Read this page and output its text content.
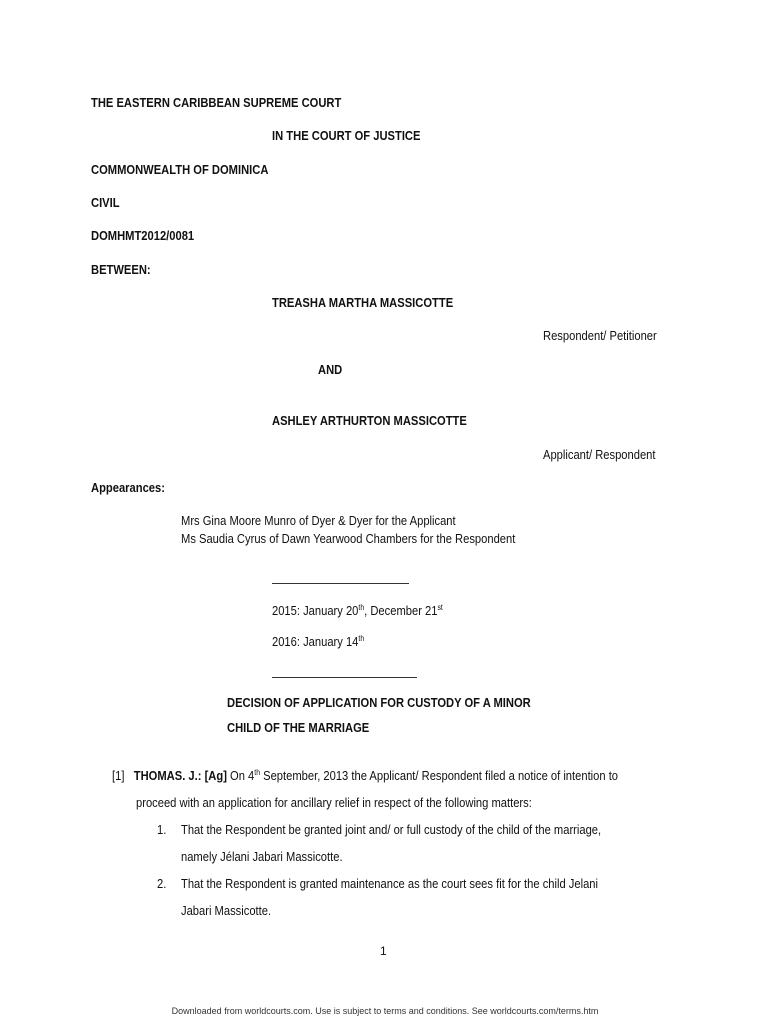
THE EASTERN CARIBBEAN SUPREME COURT
IN THE COURT OF JUSTICE
COMMONWEALTH OF DOMINICA
CIVIL
DOMHMT2012/0081
BETWEEN:
TREASHA MARTHA MASSICOTTE
Respondent/ Petitioner
AND
ASHLEY ARTHURTON MASSICOTTE
Applicant/ Respondent
Appearances:
Mrs Gina Moore Munro of Dyer & Dyer for the Applicant
Ms Saudia Cyrus of Dawn Yearwood Chambers for the Respondent
2015: January 20th, December 21st
2016: January 14th
DECISION OF APPLICATION FOR CUSTODY OF A MINOR
CHILD OF THE MARRIAGE
[1] THOMAS. J.: [Ag] On 4th September, 2013 the Applicant/ Respondent filed a notice of intention to
proceed with an application for ancillary relief in respect of the following matters:
1. That the Respondent be granted joint and/ or full custody of the child of the marriage,
namely Jélani Jabari Massicotte.
2. That the Respondent is granted maintenance as the court sees fit for the child Jelani
Jabari Massicotte.
1
Downloaded from worldcourts.com. Use is subject to terms and conditions. See worldcourts.com/terms.htm
